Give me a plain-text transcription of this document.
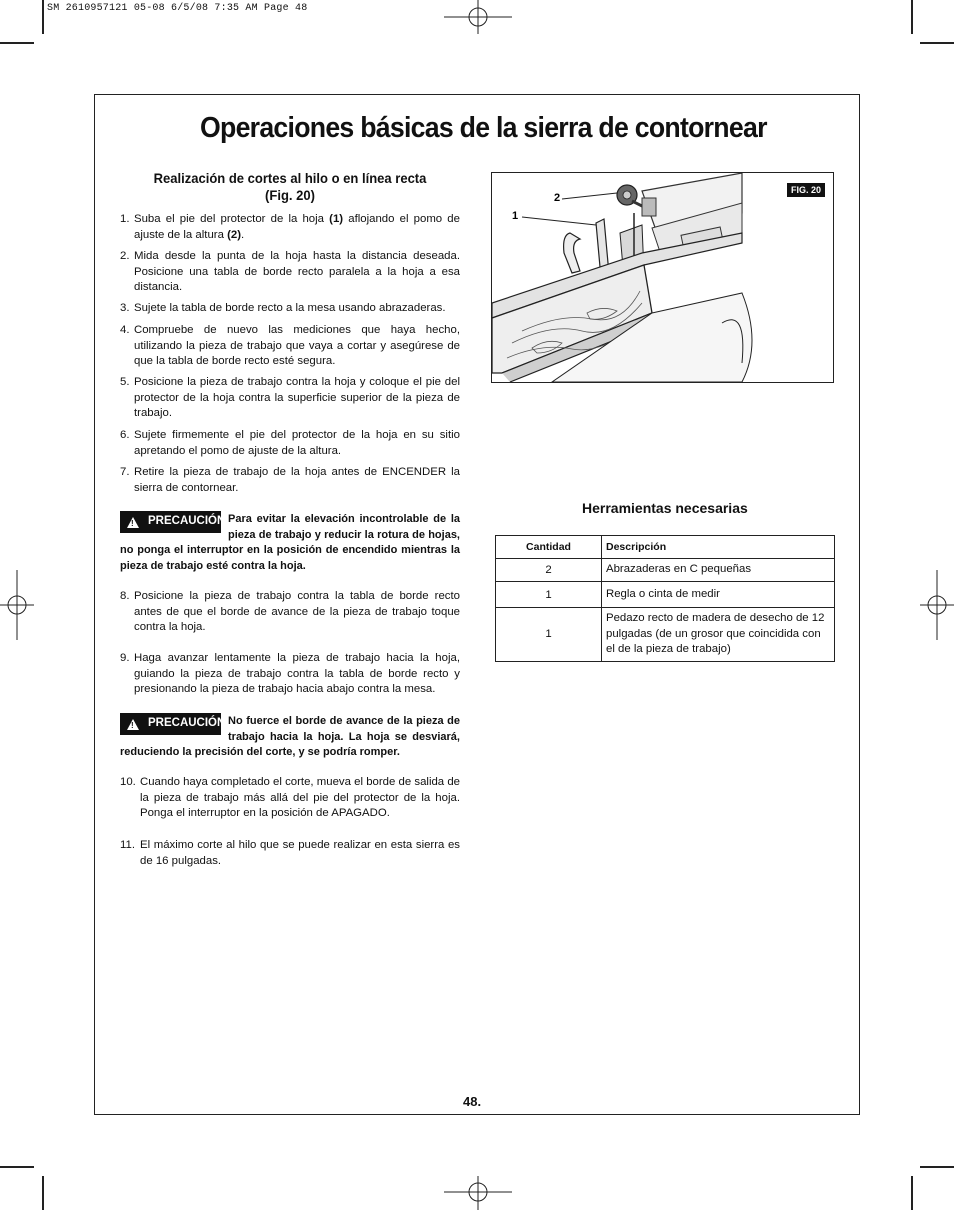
SM 2610957121 05-08 6/5/08 7:35 AM Page 48
Operaciones básicas de la sierra de contornear
Realización de cortes al hilo o en línea recta
(Fig. 20)
1. Suba el pie del protector de la hoja (1) aflojando el pomo de ajuste de la altura (2).
2. Mida desde la punta de la hoja hasta la distancia deseada. Posicione una tabla de borde recto paralela a la hoja a esa distancia.
3. Sujete la tabla de borde recto a la mesa usando abrazaderas.
4. Compruebe de nuevo las mediciones que haya hecho, utilizando la pieza de trabajo que vaya a cortar y asegúrese de que la tabla de borde recto esté segura.
5. Posicione la pieza de trabajo contra la hoja y coloque el pie del protector de la hoja contra la superficie superior de la pieza de trabajo.
6. Sujete firmemente el pie del protector de la hoja en su sitio apretando el pomo de ajuste de la altura.
7. Retire la pieza de trabajo de la hoja antes de ENCENDER la sierra de contornear.
! PRECAUCIÓN Para evitar la elevación incontrolable de la pieza de trabajo y reducir la rotura de hojas, no ponga el interruptor en la posición de encendido mientras la pieza de trabajo esté contra la hoja.
8. Posicione la pieza de trabajo contra la tabla de borde recto antes de que el borde de avance de la pieza de trabajo toque contra la hoja.
9. Haga avanzar lentamente la pieza de trabajo hacia la hoja, guiando la pieza de trabajo contra la tabla de borde recto y presionando la pieza de trabajo hacia abajo contra la mesa.
! PRECAUCIÓN No fuerce el borde de avance de la pieza de trabajo hacia la hoja. La hoja se desviará, reduciendo la precisión del corte, y se podría romper.
10. Cuando haya completado el corte, mueva el borde de salida de la pieza de trabajo más allá del pie del protector de la hoja. Ponga el interruptor en la posición de APAGADO.
11. El máximo corte al hilo que se puede realizar en esta sierra es de 16 pulgadas.
2
1
FIG. 20
Herramientas necesarias
Cantidad	Descripción
2	Abrazaderas en C pequeñas
1	Regla o cinta de medir
1	Pedazo recto de madera de desecho de 12 pulgadas (de un grosor que coincidida con el de la pieza de trabajo)
48.
